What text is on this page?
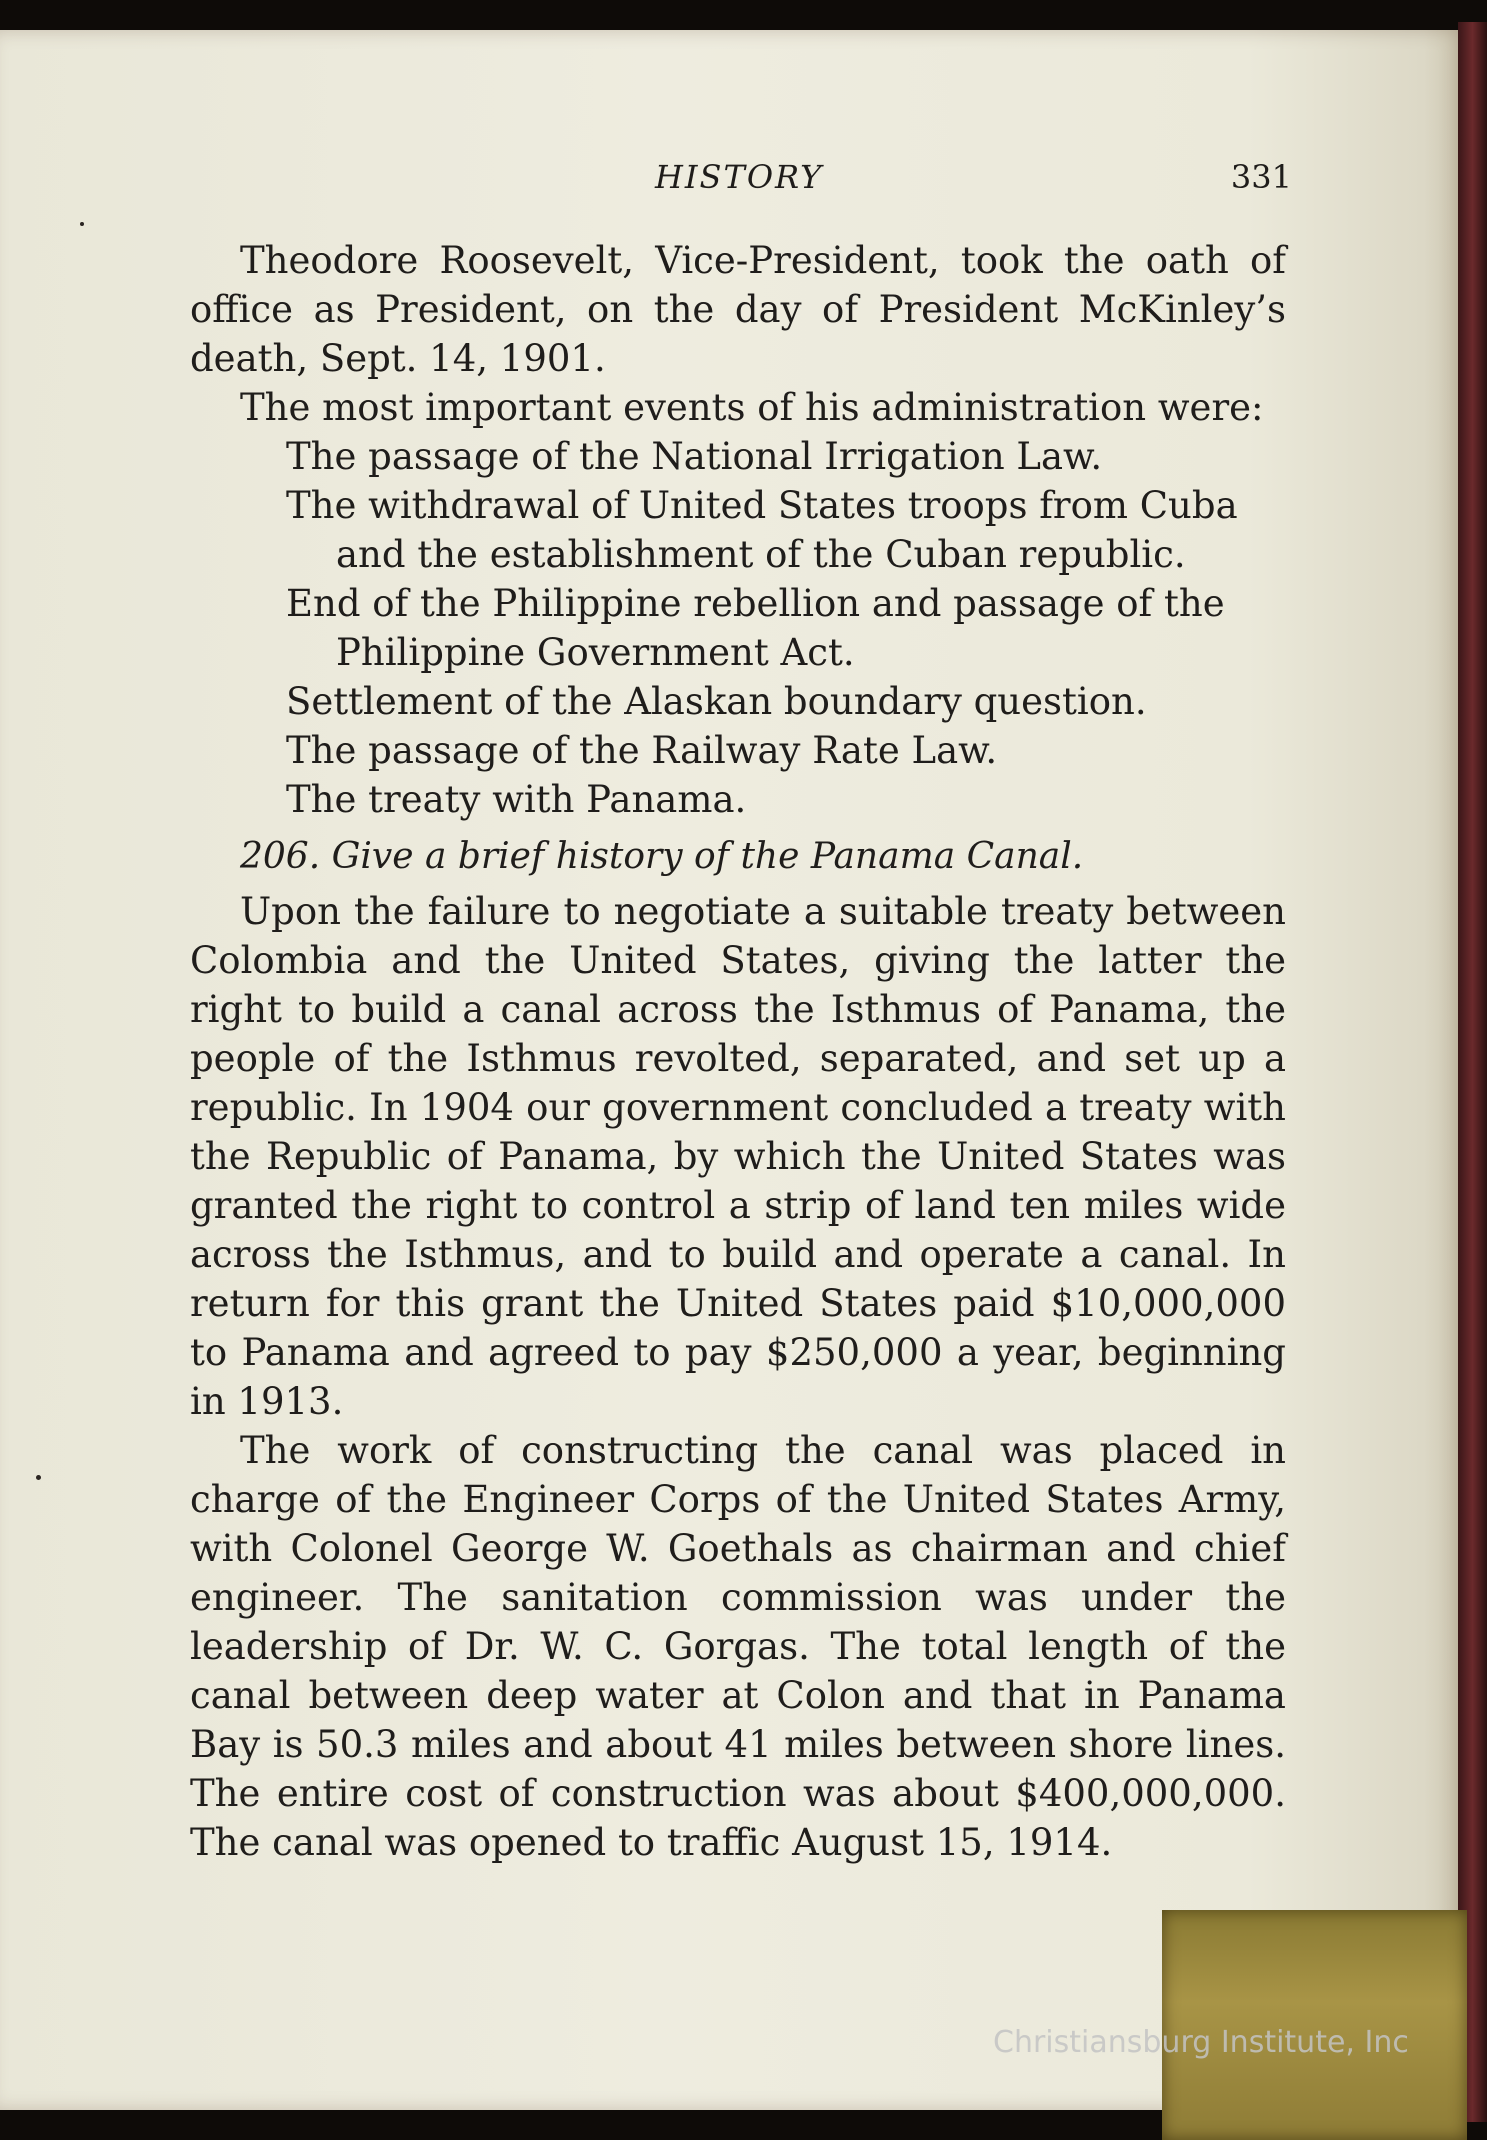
HISTORY	331

Theodore Roosevelt, Vice-President, took the oath of office as President, on the day of President McKinley’s death, Sept. 14, 1901.

The most important events of his administration were:

The passage of the National Irrigation Law.
The withdrawal of United States troops from Cuba and the establishment of the Cuban republic.
End of the Philippine rebellion and passage of the Philippine Government Act.
Settlement of the Alaskan boundary question.
The passage of the Railway Rate Law.
The treaty with Panama.

206. Give a brief history of the Panama Canal.

Upon the failure to negotiate a suitable treaty between Colombia and the United States, giving the latter the right to build a canal across the Isthmus of Panama, the people of the Isthmus revolted, separated, and set up a republic. In 1904 our government concluded a treaty with the Republic of Panama, by which the United States was granted the right to control a strip of land ten miles wide across the Isthmus, and to build and operate a canal. In return for this grant the United States paid $10,000,000 to Panama and agreed to pay $250,000 a year, beginning in 1913.

The work of constructing the canal was placed in charge of the Engineer Corps of the United States Army, with Colonel George W. Goethals as chairman and chief engineer. The sanitation commission was under the leadership of Dr. W. C. Gorgas. The total length of the canal between deep water at Colon and that in Panama Bay is 50.3 miles and about 41 miles between shore lines. The entire cost of construction was about $400,000,000. The canal was opened to traffic August 15, 1914.

Christiansburg Institute, Inc
